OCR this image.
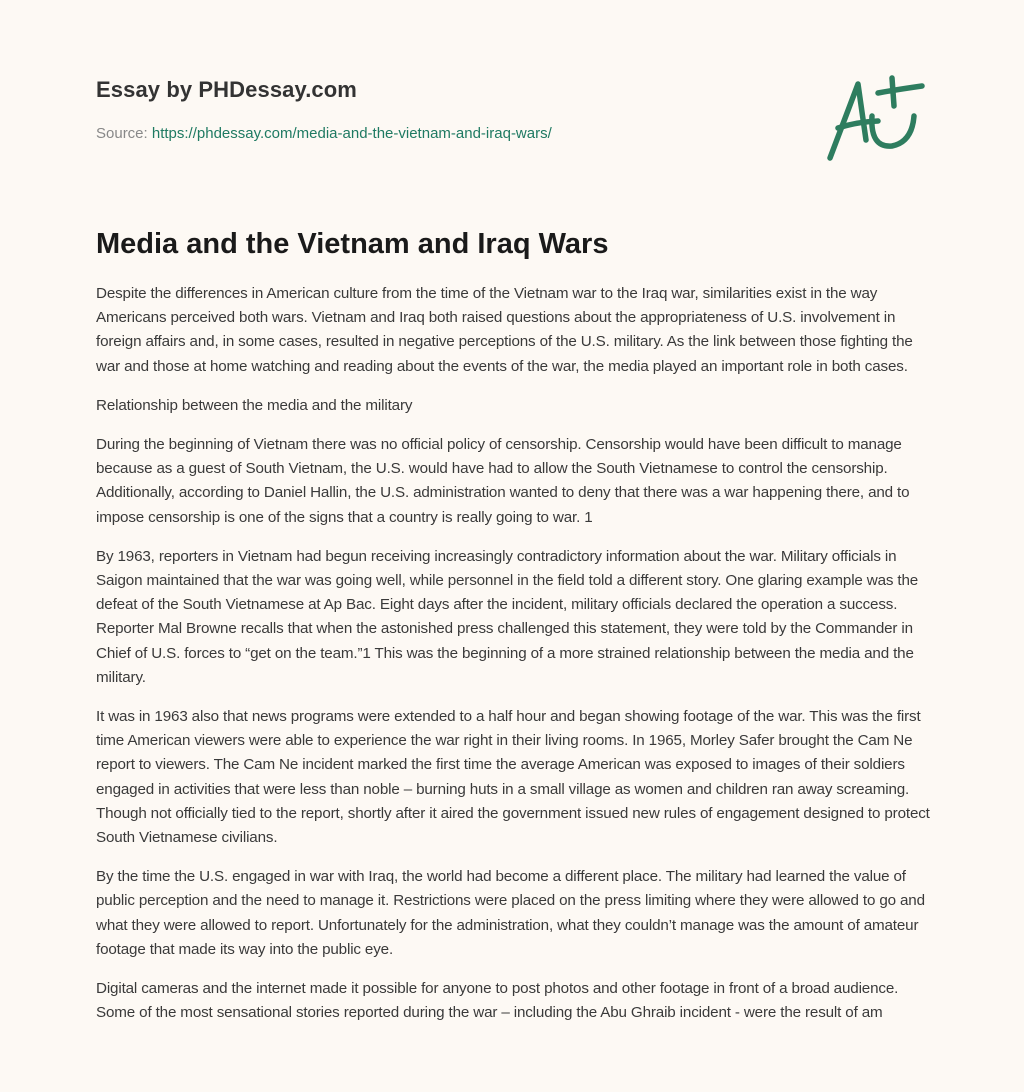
Essay by PHDessay.com
Source: https://phdessay.com/media-and-the-vietnam-and-iraq-wars/
Media and the Vietnam and Iraq Wars

Despite the differences in American culture from the time of the Vietnam war to the Iraq war, similarities exist in the way Americans perceived both wars. Vietnam and Iraq both raised questions about the appropriateness of U.S. involvement in foreign affairs and, in some cases, resulted in negative perceptions of the U.S. military. As the link between those fighting the war and those at home watching and reading about the events of the war, the media played an important role in both cases.

Relationship between the media and the military

During the beginning of Vietnam there was no official policy of censorship. Censorship would have been difficult to manage because as a guest of South Vietnam, the U.S. would have had to allow the South Vietnamese to control the censorship. Additionally, according to Daniel Hallin, the U.S. administration wanted to deny that there was a war happening there, and to impose censorship is one of the signs that a country is really going to war. 1

By 1963, reporters in Vietnam had begun receiving increasingly contradictory information about the war. Military officials in Saigon maintained that the war was going well, while personnel in the field told a different story. One glaring example was the defeat of the South Vietnamese at Ap Bac. Eight days after the incident, military officials declared the operation a success. Reporter Mal Browne recalls that when the astonished press challenged this statement, they were told by the Commander in Chief of U.S. forces to “get on the team.”1 This was the beginning of a more strained relationship between the media and the military.

It was in 1963 also that news programs were extended to a half hour and began showing footage of the war. This was the first time American viewers were able to experience the war right in their living rooms. In 1965, Morley Safer brought the Cam Ne report to viewers. The Cam Ne incident marked the first time the average American was exposed to images of their soldiers engaged in activities that were less than noble – burning huts in a small village as women and children ran away screaming. Though not officially tied to the report, shortly after it aired the government issued new rules of engagement designed to protect South Vietnamese civilians.

By the time the U.S. engaged in war with Iraq, the world had become a different place. The military had learned the value of public perception and the need to manage it. Restrictions were placed on the press limiting where they were allowed to go and what they were allowed to report. Unfortunately for the administration, what they couldn’t manage was the amount of amateur footage that made its way into the public eye.

Digital cameras and the internet made it possible for anyone to post photos and other footage in front of a broad audience. Some of the most sensational stories reported during the war – including the Abu Ghraib incident - were the result of am
